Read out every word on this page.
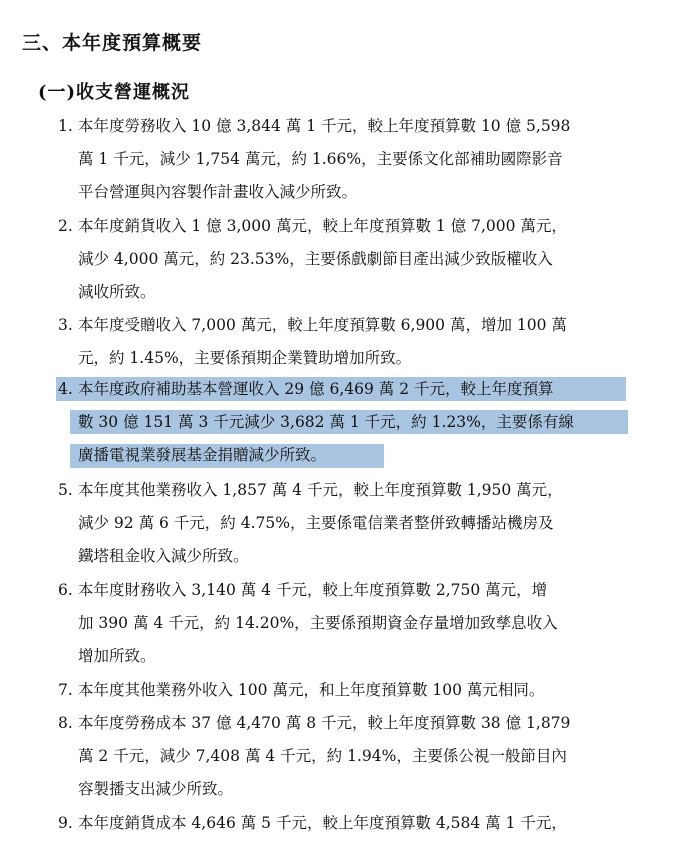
三、本年度預算概要
(一)收支營運概況
1. 本年度勞務收入 10 億 3,844 萬 1 千元，較上年度預算數 10 億 5,598
萬 1 千元，減少 1,754 萬元，約 1.66%，主要係文化部補助國際影音
平台營運與內容製作計畫收入減少所致。
2. 本年度銷貨收入 1 億 3,000 萬元，較上年度預算數 1 億 7,000 萬元，
減少 4,000 萬元，約 23.53%，主要係戲劇節目產出減少致版權收入
減收所致。
3. 本年度受贈收入 7,000 萬元，較上年度預算數 6,900 萬，增加 100 萬
元，約 1.45%，主要係預期企業贊助增加所致。
4. 本年度政府補助基本營運收入 29 億 6,469 萬 2 千元，較上年度預算
數 30 億 151 萬 3 千元減少 3,682 萬 1 千元，約 1.23%，主要係有線
廣播電視業發展基金捐贈減少所致。
5. 本年度其他業務收入 1,857 萬 4 千元，較上年度預算數 1,950 萬元，
減少 92 萬 6 千元，約 4.75%，主要係電信業者整併致轉播站機房及
鐵塔租金收入減少所致。
6. 本年度財務收入 3,140 萬 4 千元，較上年度預算數 2,750 萬元，增
加 390 萬 4 千元，約 14.20%，主要係預期資金存量增加致孳息收入
增加所致。
7. 本年度其他業務外收入 100 萬元，和上年度預算數 100 萬元相同。
8. 本年度勞務成本 37 億 4,470 萬 8 千元，較上年度預算數 38 億 1,879
萬 2 千元，減少 7,408 萬 4 千元，約 1.94%，主要係公視一般節目內
容製播支出減少所致。
9. 本年度銷貨成本 4,646 萬 5 千元，較上年度預算數 4,584 萬 1 千元，
